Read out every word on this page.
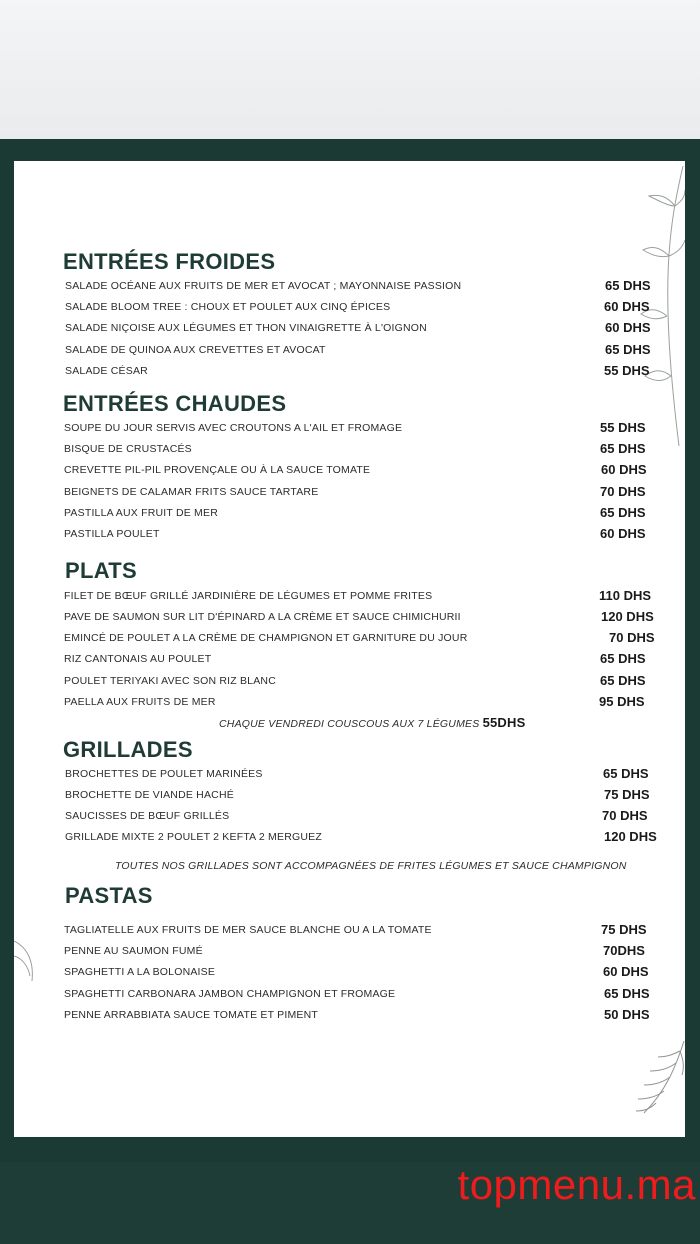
ENTRÉES FROIDES
SALADE OCÉANE AUX FRUITS DE MER ET AVOCAT ; MAYONNAISE PASSION	65 DHS
SALADE BLOOM TREE : CHOUX ET POULET AUX CINQ ÉPICES	60 DHS
SALADE NIÇOISE AUX LÉGUMES ET THON VINAIGRETTE À L'OIGNON	60 DHS
SALADE DE QUINOA AUX CREVETTES ET AVOCAT	65 DHS
SALADE CÉSAR	55 DHS
ENTRÉES CHAUDES
SOUPE DU JOUR SERVIS AVEC CROUTONS A L'AIL ET FROMAGE	55 DHS
BISQUE DE CRUSTACÉS	65 DHS
CREVETTE PIL-PIL PROVENÇALE OU À LA SAUCE TOMATE	60 DHS
BEIGNETS DE CALAMAR FRITS SAUCE TARTARE	70 DHS
PASTILLA AUX FRUIT DE MER	65 DHS
PASTILLA POULET	60 DHS
PLATS
FILET DE BŒUF GRILLÉ JARDINIÈRE DE LÉGUMES ET POMME FRITES	110 DHS
PAVE DE SAUMON SUR LIT D'ÉPINARD A LA CRÈME ET SAUCE CHIMICHURII	120 DHS
EMINCÉ DE POULET A LA CRÈME DE CHAMPIGNON ET GARNITURE DU JOUR	70 DHS
RIZ CANTONAIS AU POULET	65 DHS
POULET TERIYAKI AVEC SON RIZ BLANC	65 DHS
PAELLA AUX FRUITS DE MER	95 DHS
CHAQUE VENDREDI COUSCOUS AUX 7 LÉGUMES 55DHS
GRILLADES
BROCHETTES DE POULET MARINÉES	65 DHS
BROCHETTE DE VIANDE HACHÉ	75 DHS
SAUCISSES DE BŒUF GRILLÉS	70 DHS
GRILLADE MIXTE 2 POULET 2 KEFTA 2 MERGUEZ	120 DHS
TOUTES NOS GRILLADES SONT ACCOMPAGNÉES DE FRITES LÉGUMES ET SAUCE CHAMPIGNON
PASTAS
TAGLIATELLE AUX FRUITS DE MER SAUCE BLANCHE OU A LA TOMATE	75 DHS
PENNE AU SAUMON FUMÉ	70DHS
SPAGHETTI A LA BOLONAISE	60 DHS
SPAGHETTI CARBONARA JAMBON CHAMPIGNON ET FROMAGE	65 DHS
PENNE ARRABBIATA SAUCE TOMATE ET PIMENT	50 DHS
topmenu.ma
